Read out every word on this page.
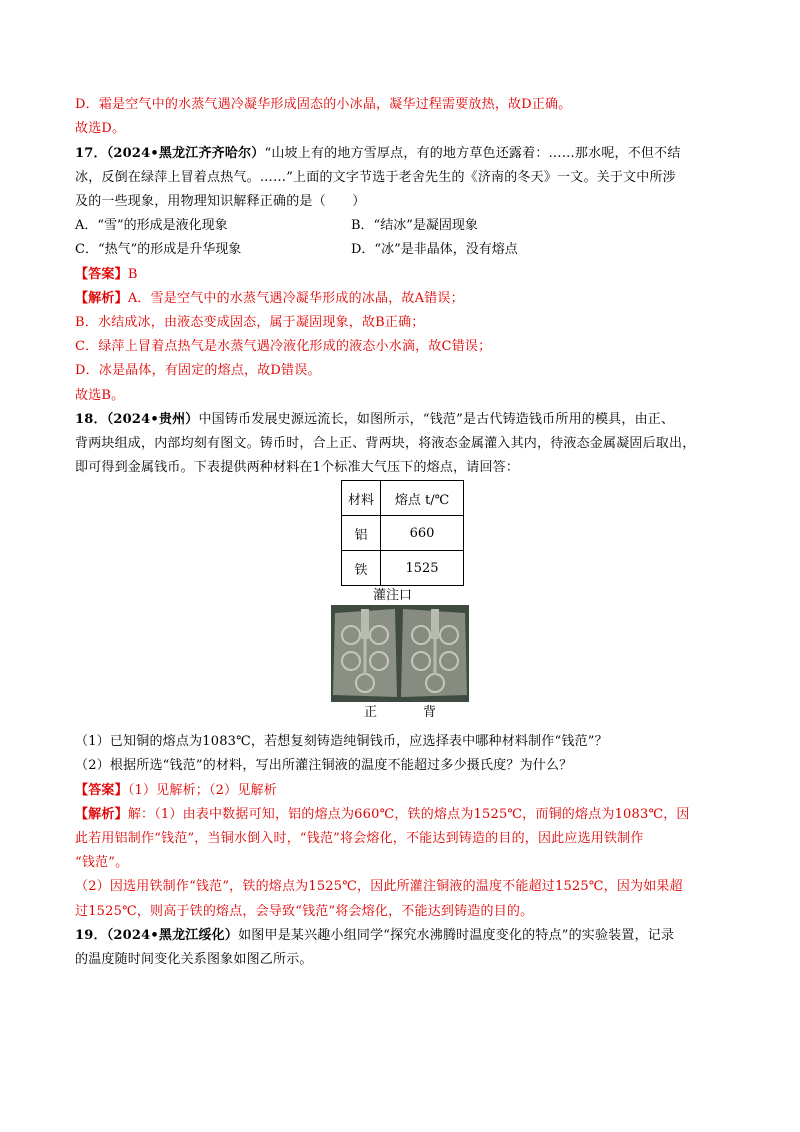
D．霜是空气中的水蒸气遇冷凝华形成固态的小冰晶，凝华过程需要放热，故D正确。
故选D。
17．（2024•黑龙江齐齐哈尔）“山坡上有的地方雪厚点，有的地方草色还露着：……那水呢，不但不结
冰，反倒在绿萍上冒着点热气。……”上面的文字节选于老舍先生的《济南的冬天》一文。关于文中所涉
及的一些现象，用物理知识解释正确的是（　　）
A．“雪”的形成是液化现象	B．“结冰”是凝固现象
C．“热气”的形成是升华现象	D．“冰”是非晶体，没有熔点
【答案】B
【解析】A．雪是空气中的水蒸气遇冷凝华形成的冰晶，故A错误；
B．水结成冰，由液态变成固态，属于凝固现象，故B正确；
C．绿萍上冒着点热气是水蒸气遇冷液化形成的液态小水滴，故C错误；
D．冰是晶体，有固定的熔点，故D错误。
故选B。
18．（2024•贵州）中国铸币发展史源远流长，如图所示，“钱范”是古代铸造钱币所用的模具，由正、
背两块组成，内部均刻有图文。铸币时，合上正、背两块，将液态金属灌入其内，待液态金属凝固后取出，
即可得到金属钱币。下表提供两种材料在1个标准大气压下的熔点，请回答：
材料	熔点 t/℃
铝	660
铁	1525
灌注口
正	背
（1）已知铜的熔点为1083℃，若想复刻铸造纯铜钱币，应选择表中哪种材料制作“钱范”？
（2）根据所选“钱范”的材料，写出所灌注铜液的温度不能超过多少摄氏度？为什么？
【答案】（1）见解析；（2）见解析
【解析】解：（1）由表中数据可知，铝的熔点为660℃，铁的熔点为1525℃，而铜的熔点为1083℃，因
此若用铝制作“钱范”，当铜水倒入时，“钱范”将会熔化，不能达到铸造的目的，因此应选用铁制作
“钱范”。
（2）因选用铁制作“钱范”，铁的熔点为1525℃，因此所灌注铜液的温度不能超过1525℃，因为如果超
过1525℃，则高于铁的熔点，会导致“钱范”将会熔化，不能达到铸造的目的。
19．（2024•黑龙江绥化）如图甲是某兴趣小组同学“探究水沸腾时温度变化的特点”的实验装置，记录
的温度随时间变化关系图象如图乙所示。
